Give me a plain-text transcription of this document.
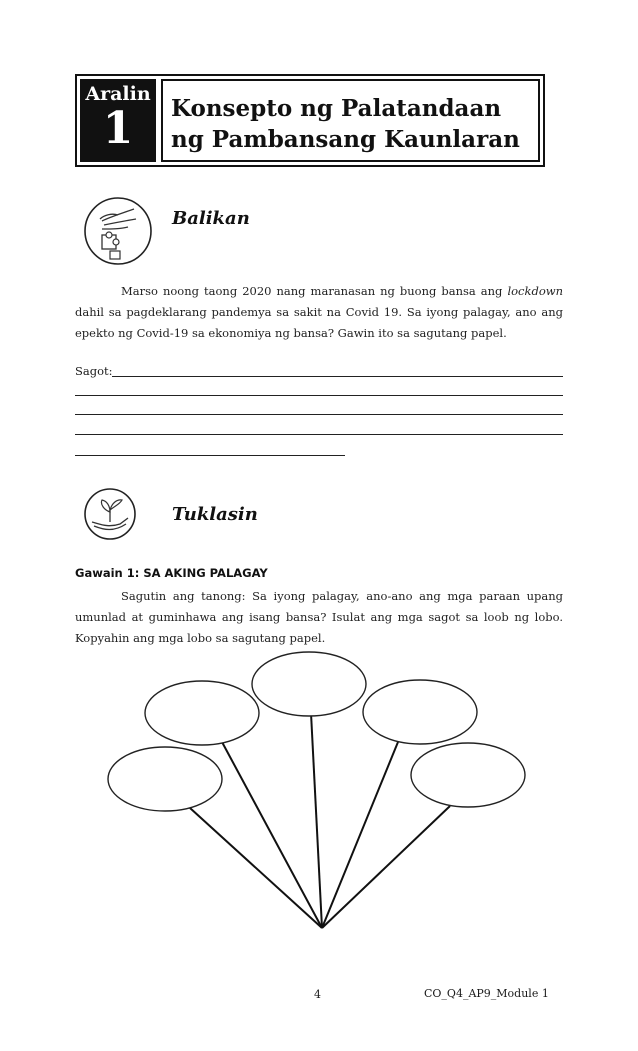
Aralin
1	Konsepto ng Palatandaan
ng Pambansang Kaunlaran
Balikan

Marso noong taong 2020 nang maranasan ng buong bansa ang lockdown dahil sa pagdeklarang pandemya sa sakit na Covid 19. Sa iyong palagay, ano ang epekto ng Covid-19 sa ekonomiya ng bansa? Gawin ito sa sagutang papel.

Sagot:
Tuklasin
Gawain 1: SA AKING PALAGAY

Sagutin ang tanong: Sa iyong palagay, ano-ano ang mga paraan upang umunlad at guminhawa ang isang bansa? Isulat ang mga sagot sa loob ng lobo. Kopyahin ang mga lobo sa sagutang papel.

4	CO_Q4_AP9_Module 1
